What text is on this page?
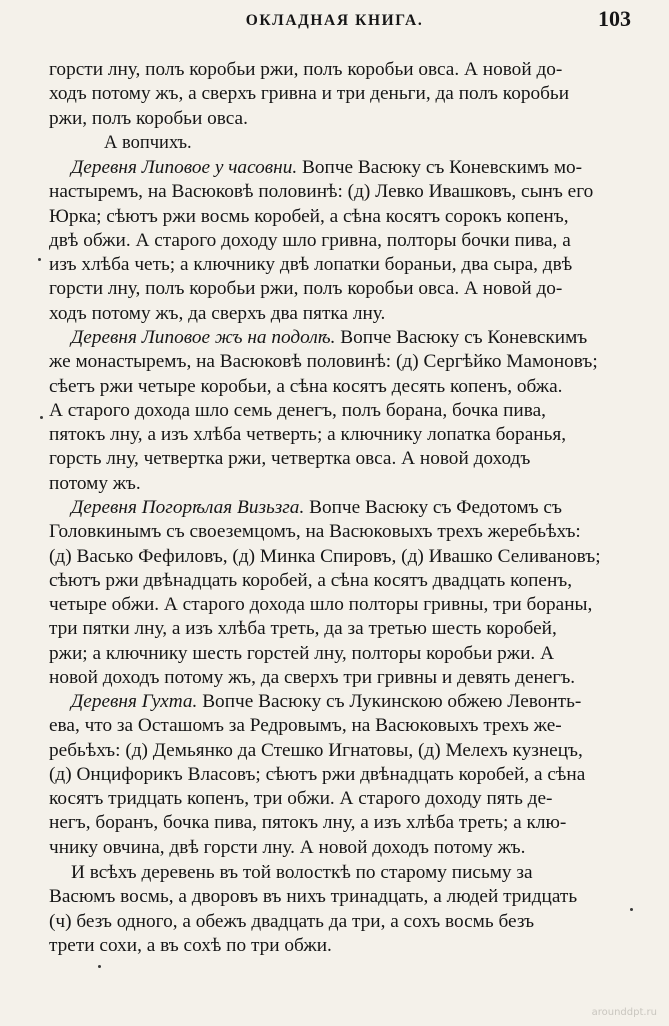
ОКЛАДНАЯ КНИГА.	103
горсти лну, полъ коробьи ржи, полъ коробьи овса. А новой до-
ходъ потому жъ, а сверхъ гривна и три деньги, да полъ коробьи
ржи, полъ коробьи овса.
А вопчихъ.
Деревня Липовое у часовни. Вопче Васюку съ Коневскимъ мо-
настыремъ, на Васюковѣ половинѣ: (д) Левко Ивашковъ, сынъ его
Юрка; сѣютъ ржи восмь коробей, а сѣна косятъ сорокъ копенъ,
двѣ обжи. А старого доходу шло гривна, полторы бочки пива, а
изъ хлѣба четь; а ключнику двѣ лопатки бораньи, два сыра, двѣ
горсти лну, полъ коробьи ржи, полъ коробьи овса. А новой до-
ходъ потому жъ, да сверхъ два пятка лну.
Деревня Липовое жъ на подолѣ. Вопче Васюку съ Коневскимъ
же монастыремъ, на Васюковѣ половинѣ: (д) Сергѣйко Мамоновъ;
сѣетъ ржи четыре коробьи, а сѣна косятъ десять копенъ, обжа.
А старого дохода шло семь денегъ, полъ борана, бочка пива,
пятокъ лну, а изъ хлѣба четверть; а ключнику лопатка боранья,
горсть лну, четвертка ржи, четвертка овса. А новой доходъ
потому жъ.
Деревня Погорѣлая Визьзга. Вопче Васюку съ Федотомъ съ
Головкинымъ съ своеземцомъ, на Васюковыхъ трехъ жеребьѣхъ:
(д) Васько Фефиловъ, (д) Минка Спировъ, (д) Ивашко Селивановъ;
сѣютъ ржи двѣнадцать коробей, а сѣна косятъ двадцать копенъ,
четыре обжи. А старого дохода шло полторы гривны, три бораны,
три пятки лну, а изъ хлѣба треть, да за третью шесть коробей,
ржи; а ключнику шесть горстей лну, полторы коробьи ржи. А
новой доходъ потому жъ, да сверхъ три гривны и девять денегъ.
Деревня Гухта. Вопче Васюку съ Лукинскою обжею Левонть-
ева, что за Осташомъ за Редровымъ, на Васюковыхъ трехъ же-
ребьѣхъ: (д) Демьянко да Стешко Игнатовы, (д) Мелехъ кузнецъ,
(д) Онцифорикъ Власовъ; сѣютъ ржи двѣнадцать коробей, а сѣна
косятъ тридцать копенъ, три обжи. А старого доходу пять де-
негъ, боранъ, бочка пива, пятокъ лну, а изъ хлѣба треть; а клю-
чнику овчина, двѣ горсти лну. А новой доходъ потому жъ.
И всѣхъ деревень въ той волосткѣ по старому письму за
Васюмъ восмь, а дворовъ въ нихъ тринадцать, а людей тридцать
(ч) безъ одного, а обежъ двадцать да три, а сохъ восмь безъ
трети сохи, а въ сохѣ по три обжи.
arounddpt.ru
